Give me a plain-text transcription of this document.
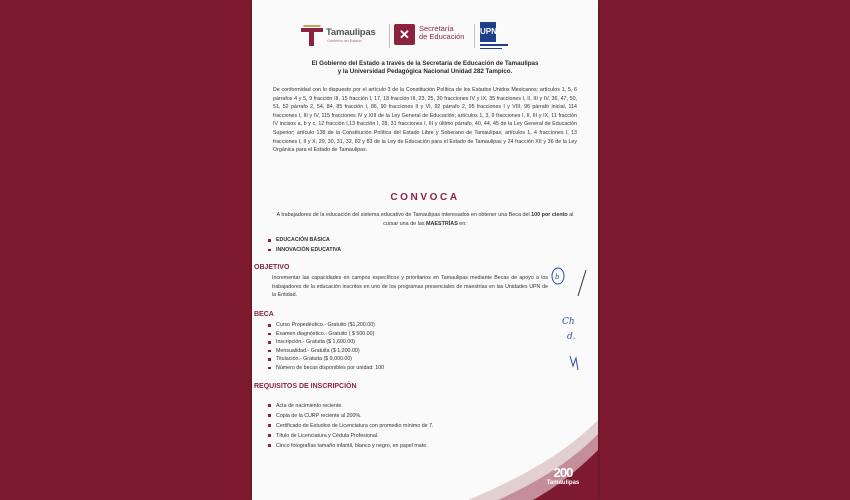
Tamaulipas
Gobierno del Estado	✕	Secretaría
de Educación
UPN
El Gobierno del Estado a través de la Secretaría de Educación de Tamaulipas
y la Universidad Pedagógica Nacional Unidad 282 Tampico.
De conformidad con lo dispuesto por el artículo 3 de la Constitución Política de los Estados Unidos Mexicanos; artículos 1, 5, 6 párrafos 4 y 5, 9 fracción III, 15 fracción I, 17, 18 fracción III, 23, 25, 30 fracciones IV y IX, 35 fracciones I, II, III y IV, 36, 47, 50, 51, 52 párrafo 2, 54, 84, 85 fracción I, 86, 90 fracciones II y VI, 92 párrafo 2, 95 fracciones I y VIII, 96 párrafo inicial, 114 fracciones I, III y IV, 115 fracciones IV y XIII de la Ley General de Educación; artículos 1, 3, 9 fracciones I, II, III y IX, 11 fracción IV incisos a, b y c, 12 fracción I,13 fracción I, 28, 31 fracciones I, III y último párrafo, 40, 44, 45 de la Ley General de Educación Superior; artículo 138 de la Constitución Política del Estado Libre y Soberano de Tamaulipas; artículos 1, 4 fracciones I, 13 fracciones I, II y X, 29, 30, 31, 32, 82 y 83 de la Ley de Educación para el Estado de Tamaulipas y 24 fracción XII y 36 de la Ley Orgánica para el Estado de Tamaulipas.
CONVOCA
A trabajadores de la educación del sistema educativo de Tamaulipas interesados en obtener una Beca del 100 por ciento al cursar una de las MAESTRÍAS en:
EDUCACIÓN BÁSICA
INNOVACIÓN EDUCATIVA
OBJETIVO
Incrementar las capacidades en campos específicos y prioritarios en Tamaulipas mediante Becas de apoyo a los trabajadores de la educación inscritos en uno de los programas presenciales de maestrías en las Unidades UPN de la Entidad.
BECA
Curso Propedéutico.- Gratuito ($1,200.00)
Examen diagnóstico.- Gratuito ( $ 500.00)
Inscripción.- Gratuita ($ 1,600.00)
Mensualidad.- Gratuita ($ 1,200.00)
Titulación.- Gratuita ($ 9,000.00)
Número de becas disponibles por unidad: 100
REQUISITOS DE INSCRIPCIÓN
Acta de nacimiento reciente.
Copia de la CURP reciente al 200%.
Certificado de Estudios de Licenciatura con promedio mínimo de 7.
Título de Licenciatura y Cédula Profesional.
Cinco fotografías tamaño infantil, blanco y negro, en papel mate.
b
Ch
d.
200
Tamaulipas
